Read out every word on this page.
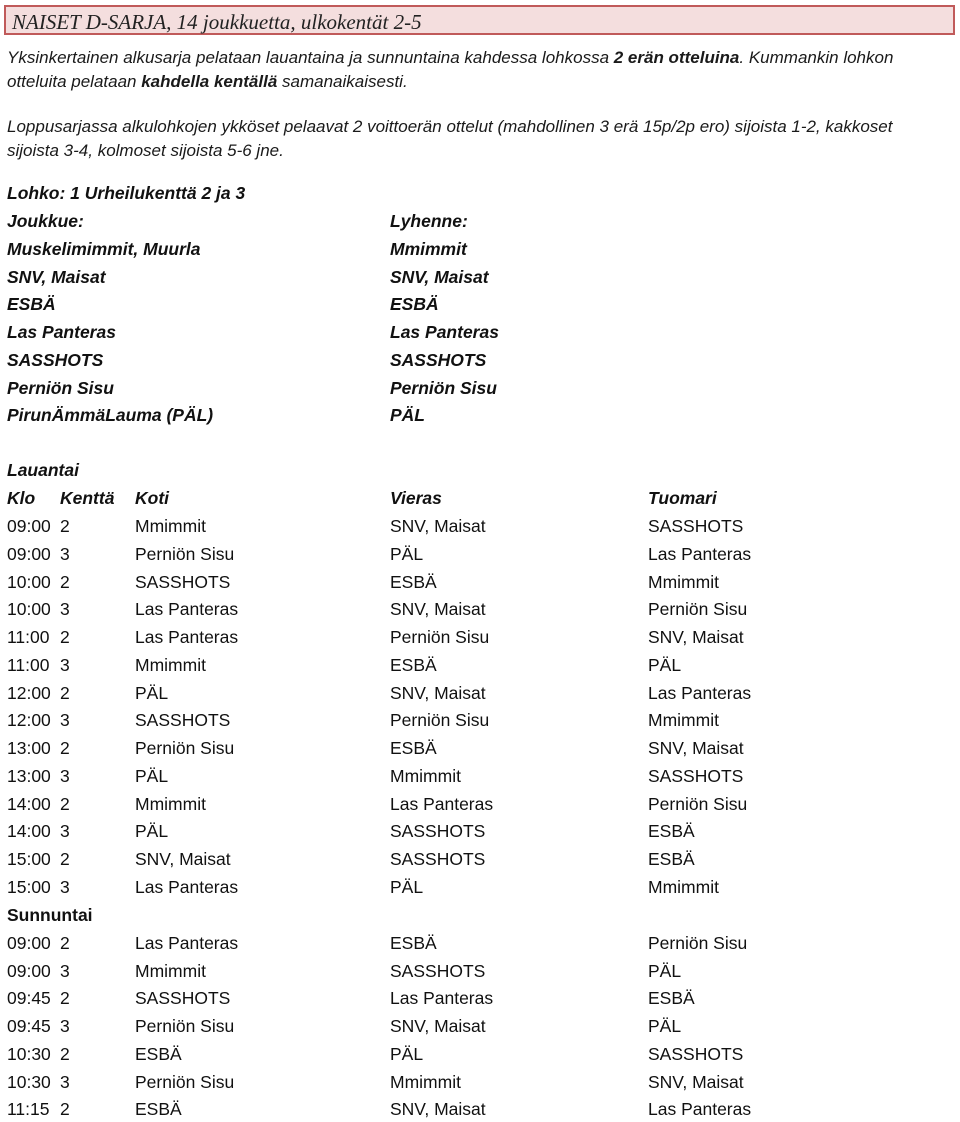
NAISET D-SARJA, 14 joukkuetta, ulkokentät 2-5
Yksinkertainen alkusarja pelataan lauantaina ja sunnuntaina kahdessa lohkossa 2 erän otteluina. Kummankin lohkon
otteluita pelataan kahdella kentällä samanaikaisesti.
Loppusarjassa alkulohkojen ykköset pelaavat 2 voittoerän ottelut (mahdollinen 3 erä 15p/2p ero) sijoista 1-2, kakkoset
sijoista 3-4, kolmoset sijoista 5-6 jne.
Lohko: 1 Urheilukenttä 2 ja 3
Joukkue:	Lyhenne:
Muskelimimmit, Muurla	Mmimmit
SNV, Maisat	SNV, Maisat
ESBÄ	ESBÄ
Las Panteras	Las Panteras
SASSHOTS	SASSHOTS
Perniön Sisu	Perniön Sisu
PirunÄmmäLauma (PÄL)	PÄL
Lauantai
Klo Kenttä Koti	Vieras	Tuomari
09:00 2	Mmimmit	SNV, Maisat	SASSHOTS
09:00 3	Perniön Sisu	PÄL	Las Panteras
10:00 2	SASSHOTS	ESBÄ	Mmimmit
10:00 3	Las Panteras	SNV, Maisat	Perniön Sisu
11:00 2	Las Panteras	Perniön Sisu	SNV, Maisat
11:00 3	Mmimmit	ESBÄ	PÄL
12:00 2	PÄL	SNV, Maisat	Las Panteras
12:00 3	SASSHOTS	Perniön Sisu	Mmimmit
13:00 2	Perniön Sisu	ESBÄ	SNV, Maisat
13:00 3	PÄL	Mmimmit	SASSHOTS
14:00 2	Mmimmit	Las Panteras	Perniön Sisu
14:00 3	PÄL	SASSHOTS	ESBÄ
15:00 2	SNV, Maisat	SASSHOTS	ESBÄ
15:00 3	Las Panteras	PÄL	Mmimmit
Sunnuntai
09:00 2	Las Panteras	ESBÄ	Perniön Sisu
09:00 3	Mmimmit	SASSHOTS	PÄL
09:45 2	SASSHOTS	Las Panteras	ESBÄ
09:45 3	Perniön Sisu	SNV, Maisat	PÄL
10:30 2	ESBÄ	PÄL	SASSHOTS
10:30 3	Perniön Sisu	Mmimmit	SNV, Maisat
11:15 2	ESBÄ	SNV, Maisat	Las Panteras
